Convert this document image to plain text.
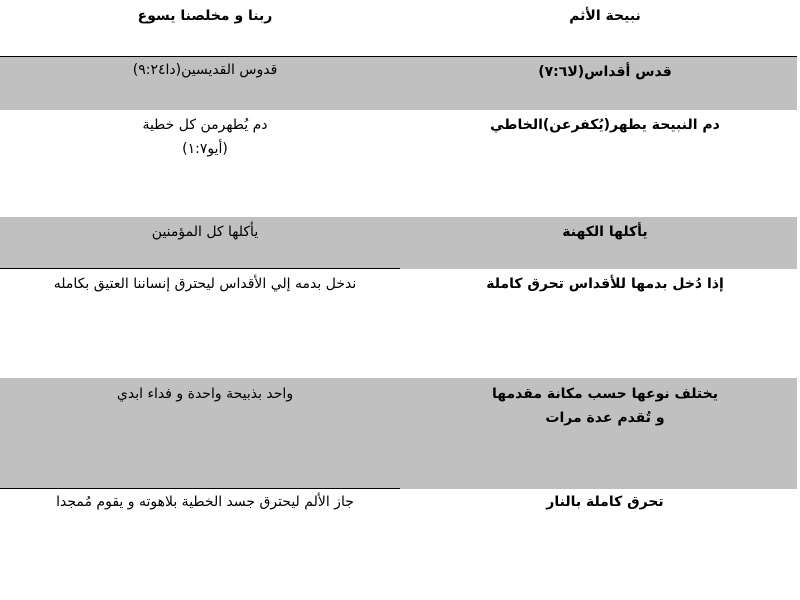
نبيحة الأثم
ربنا و مخلصنا يسوع
قدس أقداس(لا٧:٦)
قدوس القديسين(دا٩:٢٤)
دم النبيحة يطهر(يُكفرعن)الخاطي
دم يُطهرمن كل خطية
(أيو١:٧)
يأكلها الكهنة
يأكلها كل المؤمنين
إذا دُخل بدمها للأقداس تحرق كاملة
ندخل بدمه إلي الأقداس ليحترق إنساننا العتيق بكامله
يختلف نوعها حسب مكانة مقدمها
و تُقدم عدة مرات
واحد بذبيحة واحدة و فداء ابدي
تحرق كاملة بالنار
جاز الألم ليحترق جسد الخطية بلاهوته و يقوم مُمجدا
